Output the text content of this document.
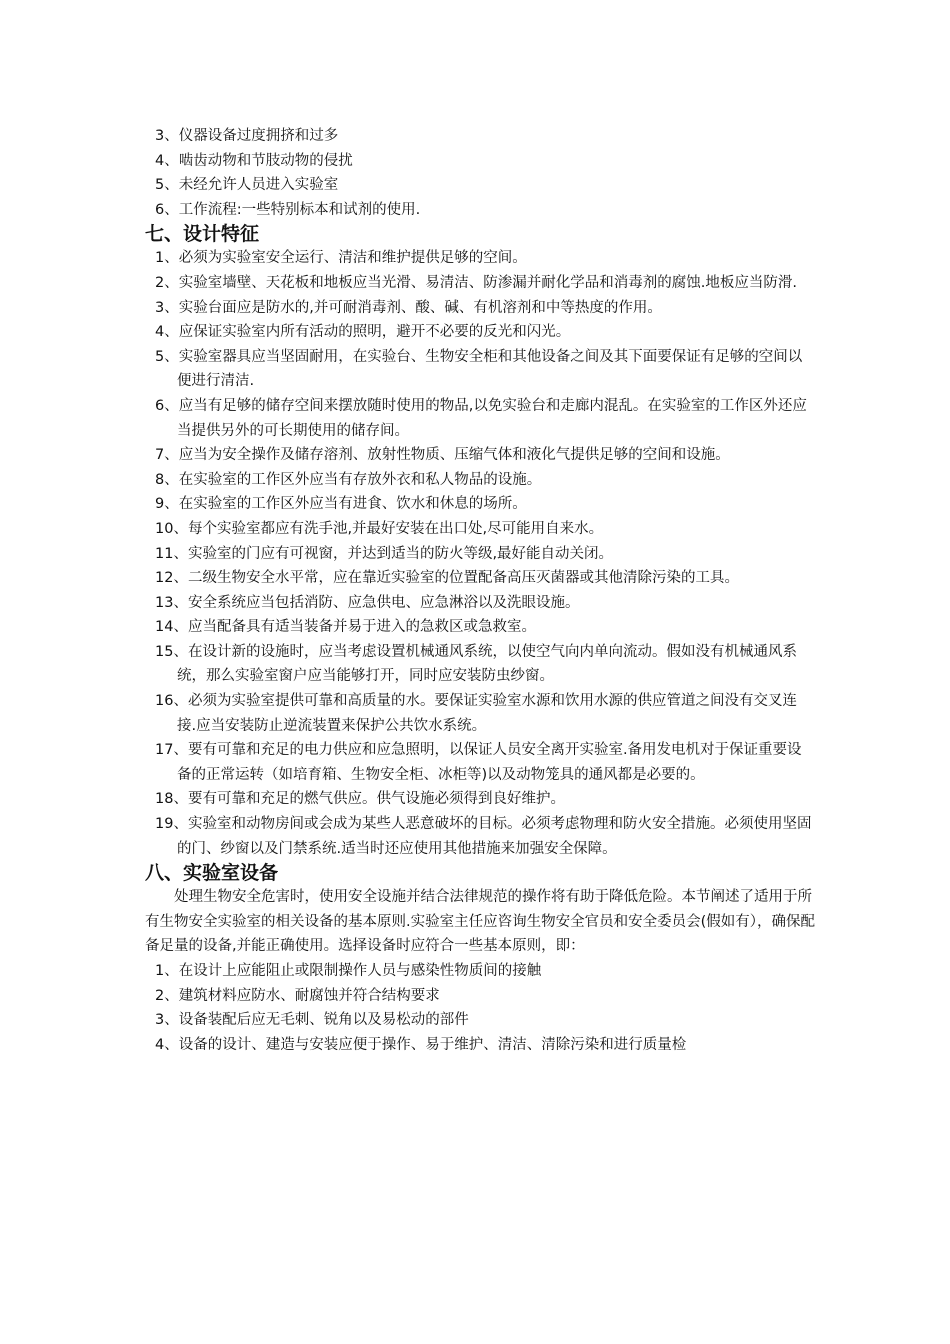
3、仪器设备过度拥挤和过多

4、啮齿动物和节肢动物的侵扰

5、未经允许人员进入实验室

6、工作流程:一些特别标本和试剂的使用.

七、设计特征

1、必须为实验室安全运行、清洁和维护提供足够的空间。

2、实验室墙壁、天花板和地板应当光滑、易清洁、防渗漏并耐化学品和消毒剂的腐蚀.地板应当防滑.

3、实验台面应是防水的,并可耐消毒剂、酸、碱、有机溶剂和中等热度的作用。

4、应保证实验室内所有活动的照明，避开不必要的反光和闪光。

5、实验室器具应当坚固耐用，在实验台、生物安全柜和其他设备之间及其下面要保证有足够的空间以便进行清洁.

6、应当有足够的储存空间来摆放随时使用的物品,以免实验台和走廊内混乱。在实验室的工作区外还应当提供另外的可长期使用的储存间。

7、应当为安全操作及储存溶剂、放射性物质、压缩气体和液化气提供足够的空间和设施。

8、在实验室的工作区外应当有存放外衣和私人物品的设施。

9、在实验室的工作区外应当有进食、饮水和休息的场所。

10、每个实验室都应有洗手池,并最好安装在出口处,尽可能用自来水。

11、实验室的门应有可视窗，并达到适当的防火等级,最好能自动关闭。

12、二级生物安全水平常，应在靠近实验室的位置配备高压灭菌器或其他清除污染的工具。

13、安全系统应当包括消防、应急供电、应急淋浴以及洗眼设施。

14、应当配备具有适当装备并易于进入的急救区或急救室。

15、在设计新的设施时，应当考虑设置机械通风系统，以使空气向内单向流动。假如没有机械通风系统，那么实验室窗户应当能够打开，同时应安装防虫纱窗。

16、必须为实验室提供可靠和高质量的水。要保证实验室水源和饮用水源的供应管道之间没有交叉连接.应当安装防止逆流装置来保护公共饮水系统。

17、要有可靠和充足的电力供应和应急照明，以保证人员安全离开实验室.备用发电机对于保证重要设备的正常运转（如培育箱、生物安全柜、冰柜等)以及动物笼具的通风都是必要的。

18、要有可靠和充足的燃气供应。供气设施必须得到良好维护。

19、实验室和动物房间或会成为某些人恶意破坏的目标。必须考虑物理和防火安全措施。必须使用坚固的门、纱窗以及门禁系统.适当时还应使用其他措施来加强安全保障。

八、实验室设备

处理生物安全危害时，使用安全设施并结合法律规范的操作将有助于降低危险。本节阐述了适用于所有生物安全实验室的相关设备的基本原则.实验室主任应咨询生物安全官员和安全委员会(假如有），确保配备足量的设备,并能正确使用。选择设备时应符合一些基本原则，即：

1、在设计上应能阻止或限制操作人员与感染性物质间的接触

2、建筑材料应防水、耐腐蚀并符合结构要求

3、设备装配后应无毛刺、锐角以及易松动的部件

4、设备的设计、建造与安装应便于操作、易于维护、清洁、清除污染和进行质量检
